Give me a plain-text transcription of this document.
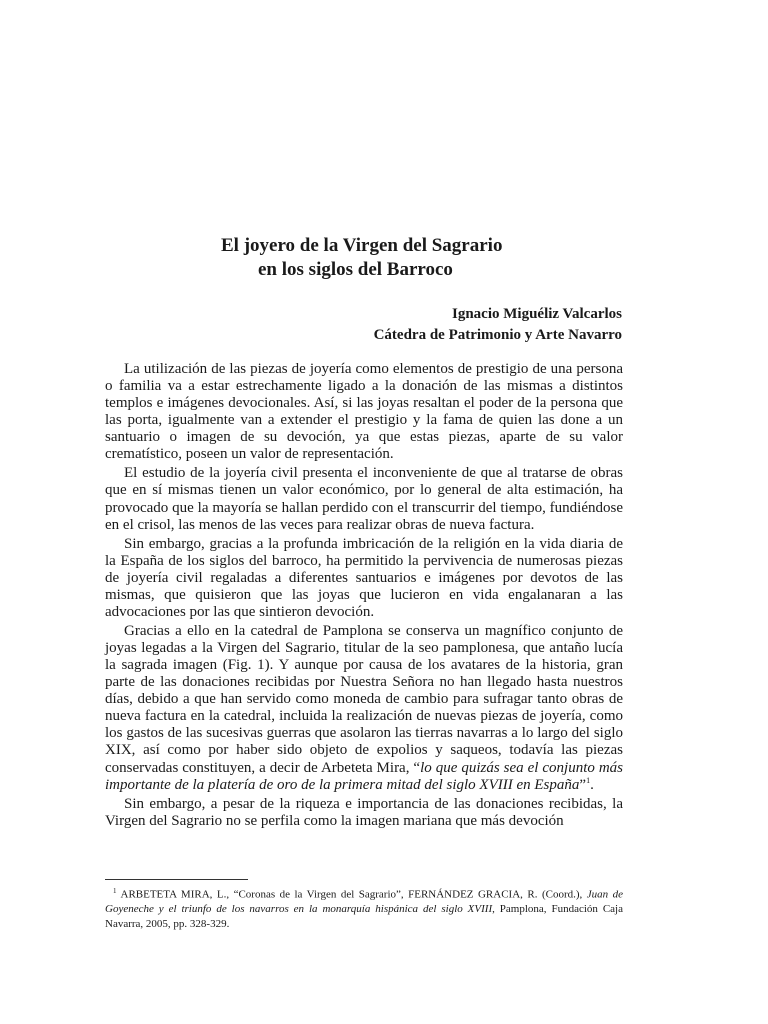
El joyero de la Virgen del Sagrario
en los siglos del Barroco
Ignacio Miguéliz Valcarlos
Cátedra de Patrimonio y Arte Navarro

La utilización de las piezas de joyería como elementos de prestigio de una persona o familia va a estar estrechamente ligado a la donación de las mismas a distintos templos e imágenes devocionales. Así, si las joyas resaltan el poder de la persona que las porta, igualmente van a extender el prestigio y la fama de quien las done a un santuario o imagen de su devoción, ya que estas piezas, aparte de su valor crematístico, poseen un valor de representación.

El estudio de la joyería civil presenta el inconveniente de que al tratarse de obras que en sí mismas tienen un valor económico, por lo general de alta estimación, ha provocado que la mayoría se hallan perdido con el transcurrir del tiempo, fundiéndose en el crisol, las menos de las veces para realizar obras de nueva factura.

Sin embargo, gracias a la profunda imbricación de la religión en la vida diaria de la España de los siglos del barroco, ha permitido la pervivencia de numerosas piezas de joyería civil regaladas a diferentes santuarios e imágenes por devotos de las mismas, que quisieron que las joyas que lucieron en vida engalanaran a las advocaciones por las que sintieron devoción.

Gracias a ello en la catedral de Pamplona se conserva un magnífico conjunto de joyas legadas a la Virgen del Sagrario, titular de la seo pamplonesa, que antaño lucía la sagrada imagen (Fig. 1). Y aunque por causa de los avatares de la historia, gran parte de las donaciones recibidas por Nuestra Señora no han llegado hasta nuestros días, debido a que han servido como moneda de cambio para sufragar tanto obras de nueva factura en la catedral, incluida la realización de nuevas piezas de joyería, como los gastos de las sucesivas guerras que asolaron las tierras navarras a lo largo del siglo XIX, así como por haber sido objeto de expolios y saqueos, todavía las piezas conservadas constituyen, a decir de Arbeteta Mira, “lo que quizás sea el conjunto más importante de la platería de oro de la primera mitad del siglo XVIII en España”$^1$.

Sin embargo, a pesar de la riqueza e importancia de las donaciones recibidas, la Virgen del Sagrario no se perfila como la imagen mariana que más devoción

$^1$ ARBETETA MIRA, L., “Coronas de la Virgen del Sagrario”, FERNÁNDEZ GRACIA, R. (Coord.), Juan de Goyeneche y el triunfo de los navarros en la monarquía hispánica del siglo XVIII, Pamplona, Fundación Caja Navarra, 2005, pp. 328-329.
